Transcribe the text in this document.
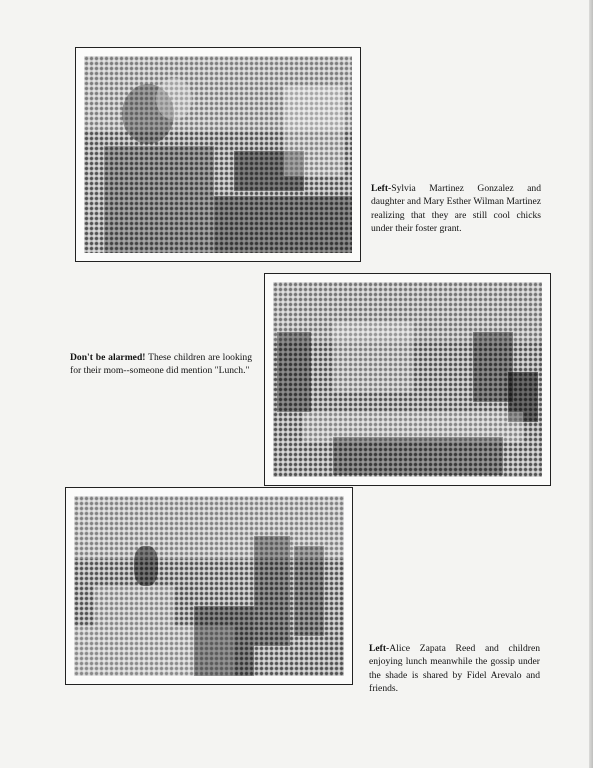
Left-Sylvia Martinez Gonzalez and daughter and Mary Esther Wilman Martinez realizing that they are still cool chicks under their foster grant.

Don't be alarmed! These children are looking for their mom--someone did mention "Lunch."

Left-Alice Zapata Reed and children enjoying lunch meanwhile the gossip under the shade is shared by Fidel Arevalo and friends.
